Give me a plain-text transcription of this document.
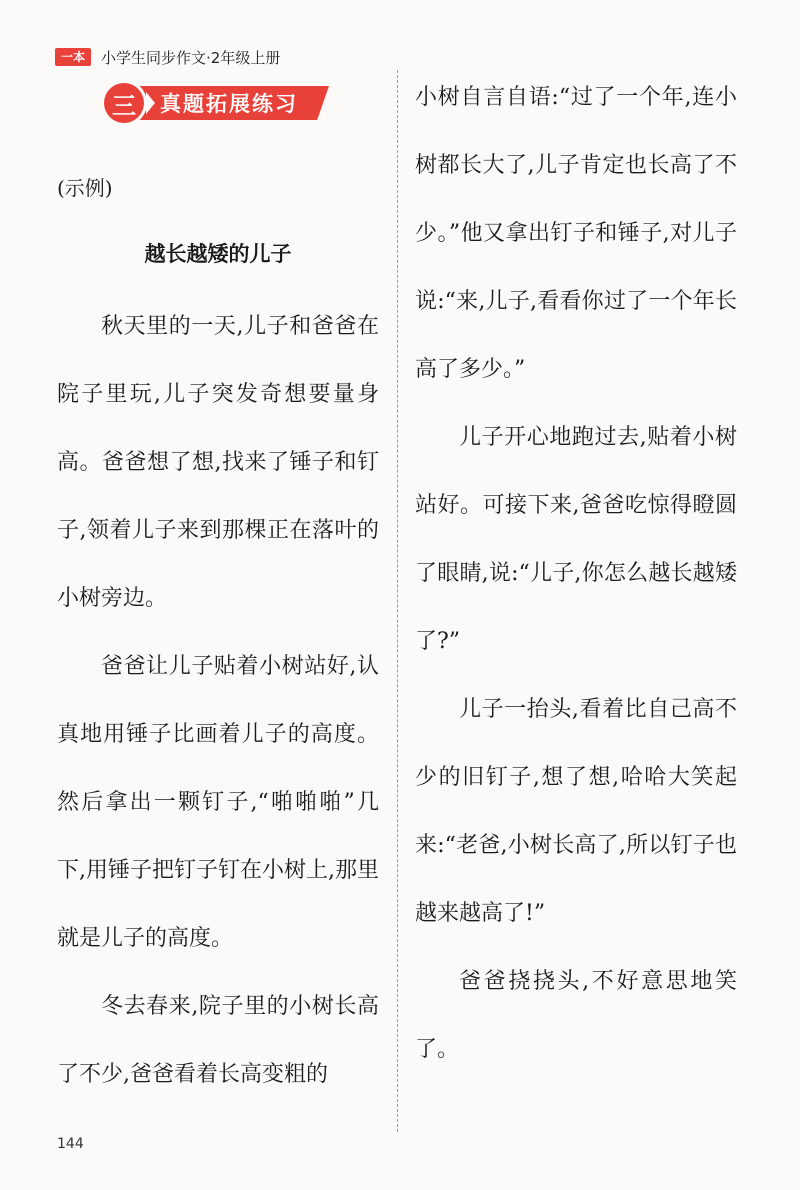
一本	小学生同步作文·2年级上册
三	真题拓展练习
(示例)
越长越矮的儿子

秋天里的一天,儿子和爸爸在院子里玩,儿子突发奇想要量身高。爸爸想了想,找来了锤子和钉子,领着儿子来到那棵正在落叶的小树旁边。

爸爸让儿子贴着小树站好,认真地用锤子比画着儿子的高度。然后拿出一颗钉子,“啪啪啪”几下,用锤子把钉子钉在小树上,那里就是儿子的高度。

冬去春来,院子里的小树长高了不少,爸爸看着长高变粗的

小树自言自语:“过了一个年,连小树都长大了,儿子肯定也长高了不少。”他又拿出钉子和锤子,对儿子说:“来,儿子,看看你过了一个年长高了多少。”

儿子开心地跑过去,贴着小树站好。可接下来,爸爸吃惊得瞪圆了眼睛,说:“儿子,你怎么越长越矮了?”

儿子一抬头,看着比自己高不少的旧钉子,想了想,哈哈大笑起来:“老爸,小树长高了,所以钉子也越来越高了!”

爸爸挠挠头,不好意思地笑了。

144
